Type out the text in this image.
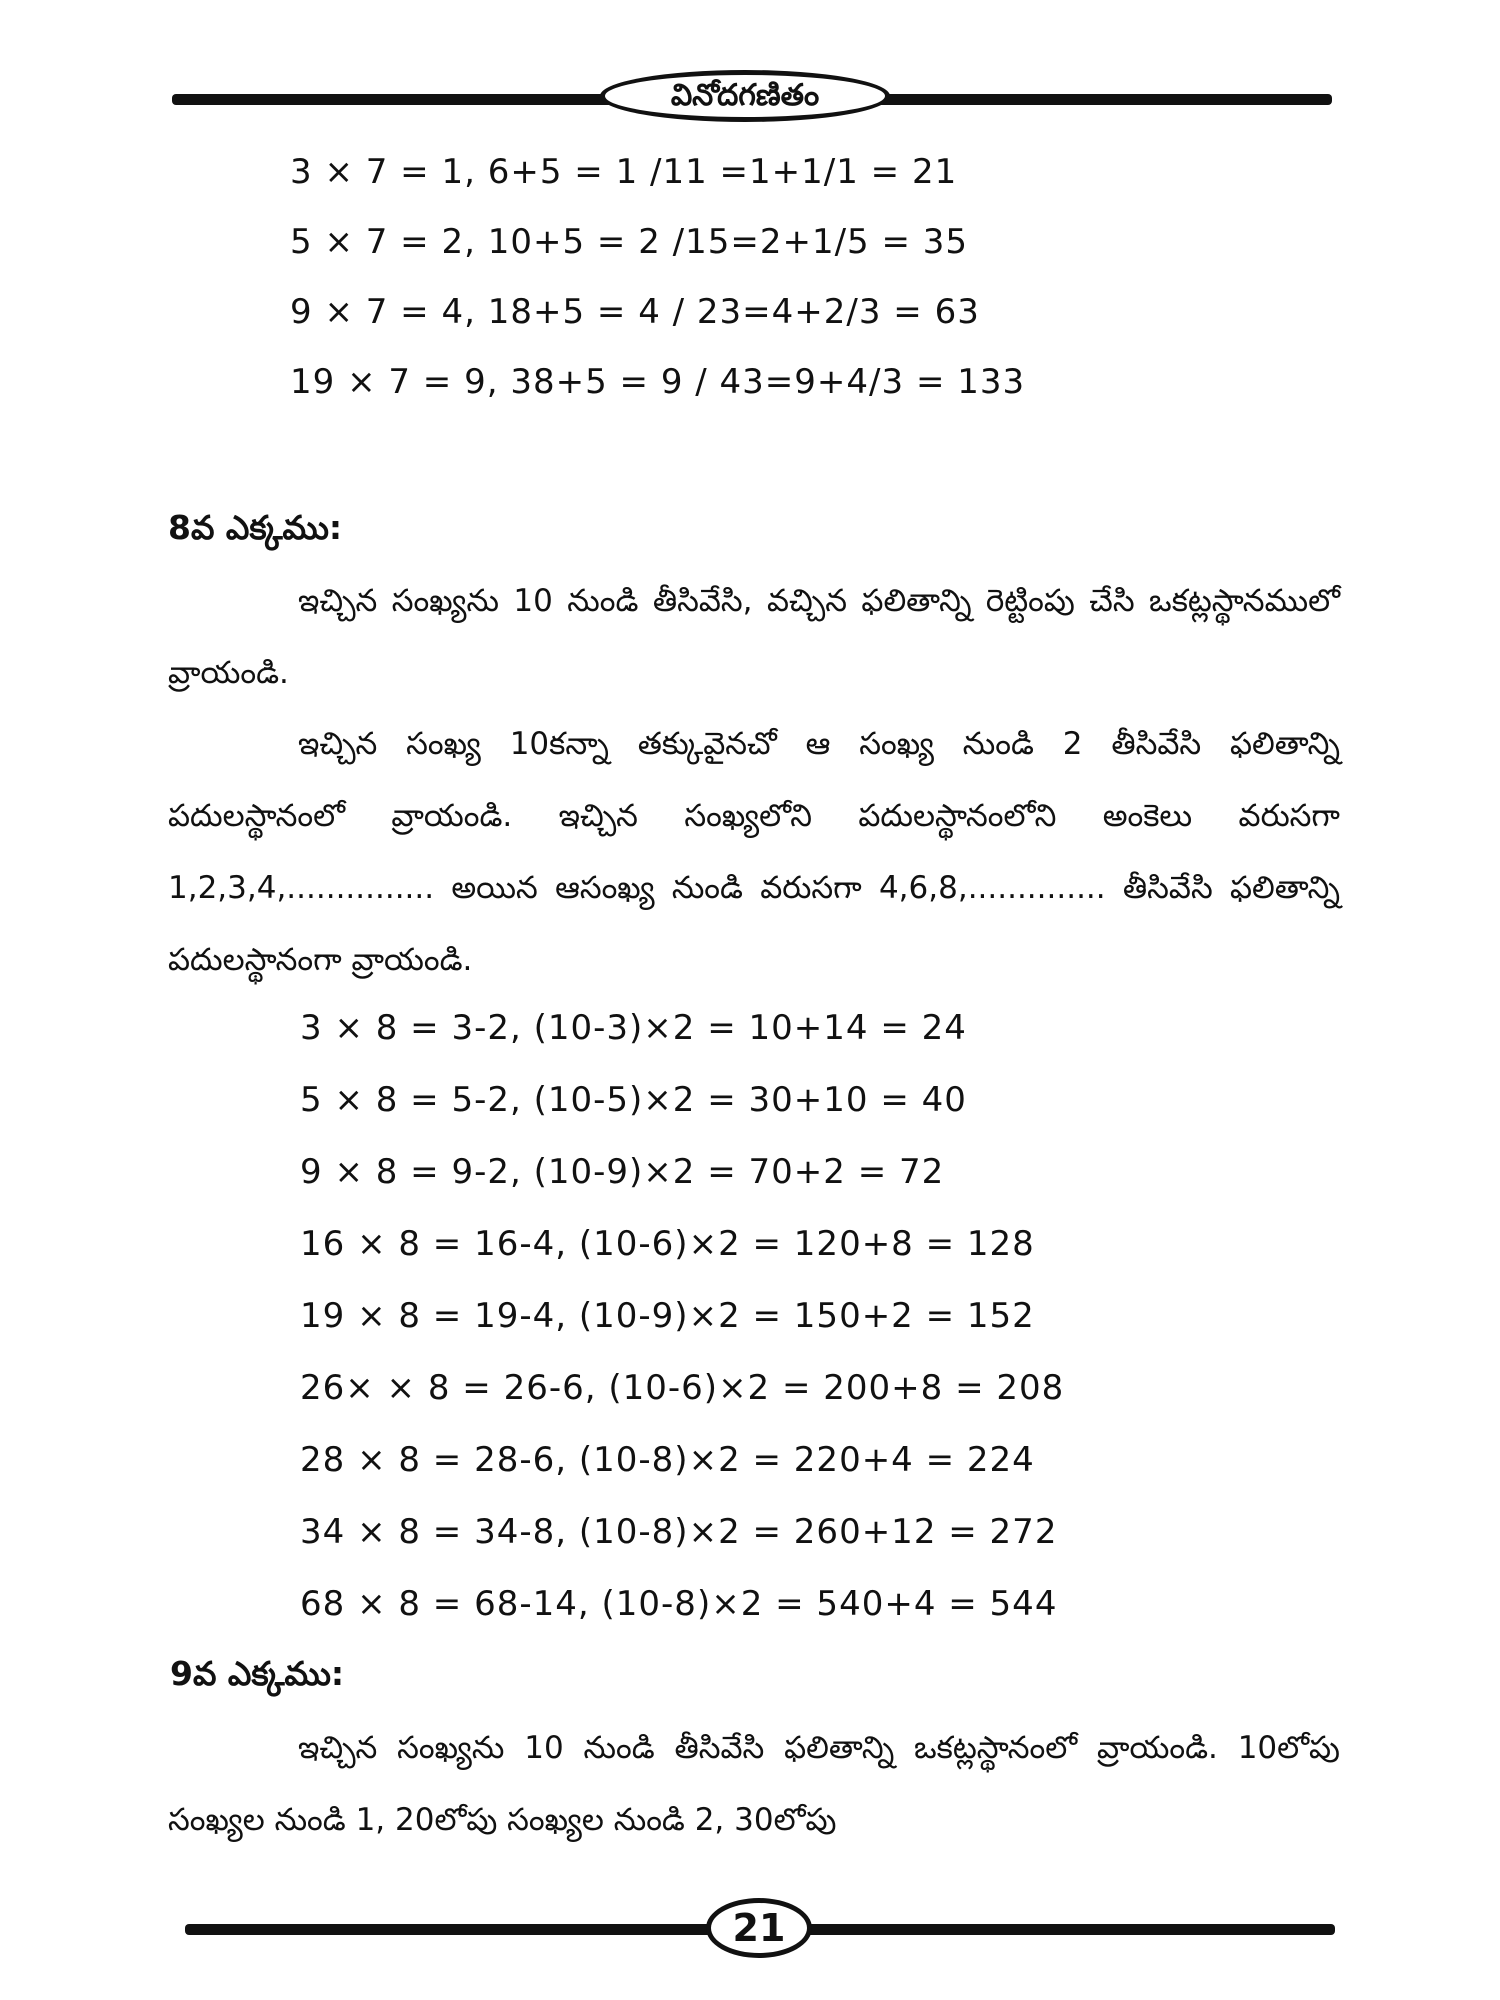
వినోదగణితం
3 × 7 = 1, 6+5 = 1 /11 =1+1/1 = 21
5 × 7 = 2, 10+5 = 2 /15=2+1/5 = 35
9 × 7 = 4, 18+5 = 4 / 23=4+2/3 = 63
19 × 7 = 9, 38+5 = 9 / 43=9+4/3 = 133
8వ ఎక్కము:

ఇచ్చిన సంఖ్యను 10 నుండి తీసివేసి, వచ్చిన ఫలితాన్ని రెట్టింపు చేసి ఒకట్లస్థానములో వ్రాయండి.

ఇచ్చిన సంఖ్య 10కన్నా తక్కువైనచో ఆ సంఖ్య నుండి 2 తీసివేసి ఫలితాన్ని పదులస్థానంలో వ్రాయండి. ఇచ్చిన సంఖ్యలోని పదులస్థానంలోని అంకెలు వరుసగా 1,2,3,4,............... అయిన ఆసంఖ్య నుండి వరుసగా 4,6,8,.............. తీసివేసి ఫలితాన్ని పదులస్థానంగా వ్రాయండి.

3 × 8 = 3-2, (10-3)×2 = 10+14 = 24
5 × 8 = 5-2, (10-5)×2 = 30+10 = 40
9 × 8 = 9-2, (10-9)×2 = 70+2 = 72
16 × 8 = 16-4, (10-6)×2 = 120+8 = 128
19 × 8 = 19-4, (10-9)×2 = 150+2 = 152
26× × 8 = 26-6, (10-6)×2 = 200+8 = 208
28 × 8 = 28-6, (10-8)×2 = 220+4 = 224
34 × 8 = 34-8, (10-8)×2 = 260+12 = 272
68 × 8 = 68-14, (10-8)×2 = 540+4 = 544
9వ ఎక్కము:

ఇచ్చిన సంఖ్యను 10 నుండి తీసివేసి ఫలితాన్ని ఒకట్లస్థానంలో వ్రాయండి. 10లోపు సంఖ్యల నుండి 1, 20లోపు సంఖ్యల నుండి 2, 30లోపు

21
